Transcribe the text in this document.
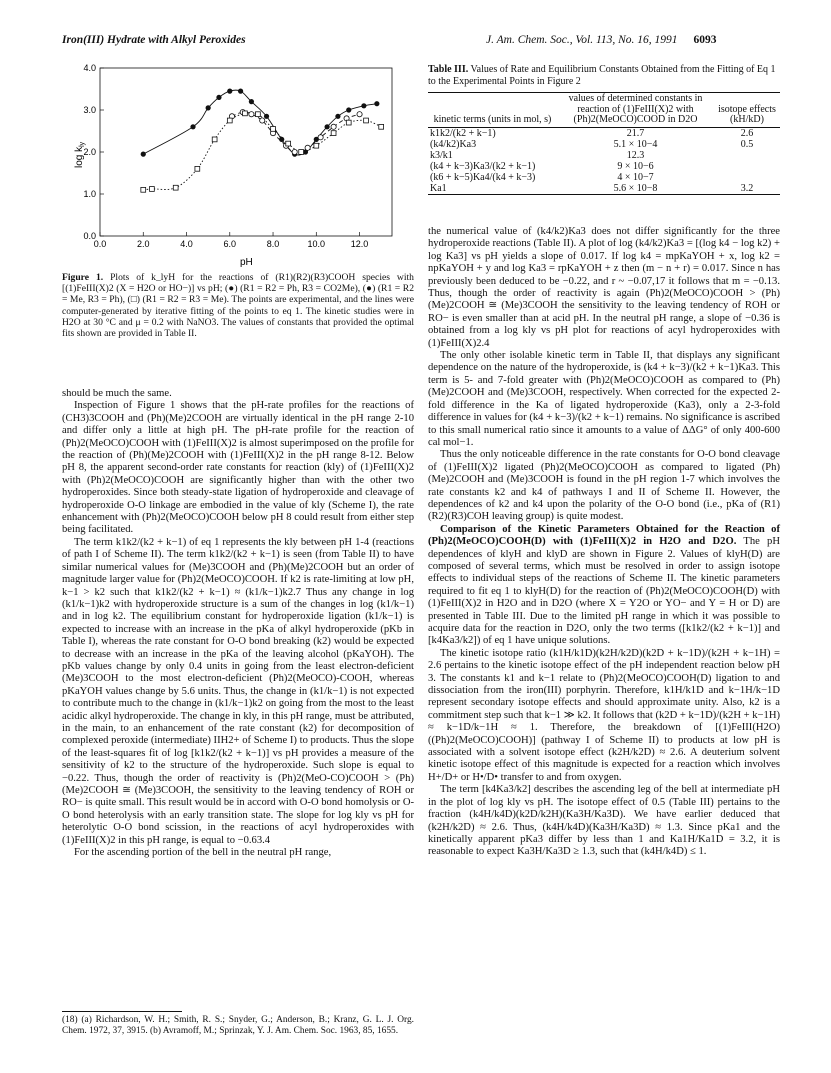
Iron(III) Hydrate with Alkyl Peroxides	J. Am. Chem. Soc., Vol. 113, No. 16, 1991 6093
0.0	2.0	4.0	6.0	8.0	10.0	12.0
0.0
1.0
2.0
3.0
4.0
$\log k_{ly}$
pH
Figure 1. Plots of k_lyH for the reactions of (R1)(R2)(R3)COOH species with [(1)FeIII(X)2 (X = H2O or HO−)] vs pH; (●) (R1 = R2 = Ph, R3 = CO2Me), (●) (R1 = R2 = Me, R3 = Ph), (□) (R1 = R2 = R3 = Me). The points are experimental, and the lines were computer-generated by iterative fitting of the points to eq 1. The kinetic studies were in H2O at 30 °C and μ = 0.2 with NaNO3. The values of constants that provided the optimal fits shown are provided in Table II.

should be much the same.

Inspection of Figure 1 shows that the pH-rate profiles for the reactions of (CH3)3COOH and (Ph)(Me)2COOH are virtually identical in the pH range 2-10 and differ only a little at high pH. The pH-rate profile for the reaction of (Ph)2(MeOCO)COOH with (1)FeIII(X)2 is almost superimposed on the profile for the reaction of (Ph)(Me)2COOH with (1)FeIII(X)2 in the pH range 8-12. Below pH 8, the apparent second-order rate constants for reaction (kly) of (1)FeIII(X)2 with (Ph)2(MeOCO)COOH are significantly higher than with the other two hydroperoxides. Since both steady-state ligation of hydroperoxide and cleavage of hydroperoxide O-O linkage are embodied in the value of kly (Scheme I), the rate enhancement with (Ph)2(MeOCO)COOH below pH 8 could result from either step being facilitated.

The term k1k2/(k2 + k−1) of eq 1 represents the kly between pH 1-4 (reactions of path I of Scheme II). The term k1k2/(k2 + k−1) is seen (from Table II) to have similar numerical values for (Me)3COOH and (Ph)(Me)2COOH but an order of magnitude larger value for (Ph)2(MeOCO)COOH. If k2 is rate-limiting at low pH, k−1 > k2 such that k1k2/(k2 + k−1) ≈ (k1/k−1)k2.7 Thus any change in log (k1/k−1)k2 with hydroperoxide structure is a sum of the changes in log (k1/k−1) and in log k2. The equilibrium constant for hydroperoxide ligation (k1/k−1) is expected to increase with an increase in the pKa of alkyl hydroperoxide (pKb in Table I), whereas the rate constant for O-O bond breaking (k2) would be expected to decrease with an increase in the pKa of the leaving alcohol (pKaYOH). The pKb values change by only 0.4 units in going from the least electron-deficient (Me)3COOH to the most electron-deficient (Ph)2(MeOCO)-COOH, whereas pKaYOH values change by 5.6 units. Thus, the change in (k1/k−1) is not expected to contribute much to the change in (k1/k−1)k2 on going from the most to the least acidic alkyl hydroperoxide. The change in kly, in this pH range, must be attributed, in the main, to an enhancement of the rate constant (k2) for decomposition of complexed peroxide (intermediate) IIH2+ of Scheme I) to products. Thus the slope of the least-squares fit of log [k1k2/(k2 + k−1)] vs pH provides a measure of the sensitivity of k2 to the structure of the hydroperoxide. Such slope is equal to −0.22. Thus, though the order of reactivity is (Ph)2(MeO-CO)COOH > (Ph)(Me)2COOH ≅ (Me)3COOH, the sensitivity to the leaving tendency of ROH or RO− is quite small. This result would be in accord with O-O bond homolysis or O-O bond heterolysis with an early transition state. The slope for log kly vs pH for heterolytic O-O bond scission, in the reactions of acyl hydroperoxides with (1)FeIII(X)2 in this pH range, is equal to −0.63.4

For the ascending portion of the bell in the neutral pH range,

(18) (a) Richardson, W. H.; Smith, R. S.; Snyder, G.; Anderson, B.; Kranz, G. L. J. Org. Chem. 1972, 37, 3915. (b) Avramoff, M.; Sprinzak, Y. J. Am. Chem. Soc. 1963, 85, 1655.
Table III. Values of Rate and Equilibrium Constants Obtained from the Fitting of Eq 1 to the Experimental Points in Figure 2
kinetic terms (units in mol, s)	values of determined constants in reaction of (1)FeIII(X)2 with (Ph)2(MeOCO)COOD in D2O	isotope effects (kH/kD)
k1k2/(k2 + k−1)	21.7	2.6
(k4/k2)Ka3	5.1 × 10−4	0.5
k3/k1	12.3	
(k4 + k−3)Ka3/(k2 + k−1)	9 × 10−6	
(k6 + k−5)Ka4/(k4 + k−3)	4 × 10−7	
Ka1	5.6 × 10−8	3.2

the numerical value of (k4/k2)Ka3 does not differ significantly for the three hydroperoxide reactions (Table II). A plot of log (k4/k2)Ka3 = [(log k4 − log k2) + log Ka3] vs pH yields a slope of 0.017. If log k4 = mpKaYOH + x, log k2 = npKaYOH + y and log Ka3 = rpKaYOH + z then (m − n + r) = 0.017. Since n has previously been deduced to be −0.22, and r ~ −0.07,17 it follows that m = −0.13. Thus, though the order of reactivity is again (Ph)2(MeOCO)COOH > (Ph)(Me)2COOH ≅ (Me)3COOH the sensitivity to the leaving tendency of ROH or RO− is even smaller than at acid pH. In the neutral pH range, a slope of −0.36 is obtained from a log kly vs pH plot for reactions of acyl hydroperoxides with (1)FeIII(X)2.4

The only other isolable kinetic term in Table II, that displays any significant dependence on the nature of the hydroperoxide, is (k4 + k−3)/(k2 + k−1)Ka3. This term is 5- and 7-fold greater with (Ph)2(MeOCO)COOH as compared to (Ph)(Me)2COOH and (Me)3COOH, respectively. When corrected for the expected 2-fold difference in the Ka of ligated hydroperoxide (Ka3), only a 2-3-fold difference in values for (k4 + k−3)/(k2 + k−1) remains. No significance is ascribed to this small numerical ratio since it amounts to a value of ΔΔG° of only 400-600 cal mol−1.

Thus the only noticeable difference in the rate constants for O-O bond cleavage of (1)FeIII(X)2 ligated (Ph)2(MeOCO)COOH as compared to ligated (Ph)(Me)2COOH and (Me)3COOH is found in the pH region 1-7 which involves the rate constants k2 and k4 of pathways I and II of Scheme II. However, the dependences of k2 and k4 upon the polarity of the O-O bond (i.e., pKa of (R1)(R2)(R3)COH leaving group) is quite modest.

Comparison of the Kinetic Parameters Obtained for the Reaction of (Ph)2(MeOCO)COOH(D) with (1)FeIII(X)2 in H2O and D2O. The pH dependences of klyH and klyD are shown in Figure 2. Values of klyH(D) are composed of several terms, which must be resolved in order to assign isotope effects to individual steps of the reactions of Scheme II. The kinetic parameters required to fit eq 1 to klyH(D) for the reaction of (Ph)2(MeOCO)COOH(D) with (1)FeIII(X)2 in H2O and in D2O (where X = Y2O or YO− and Y = H or D) are presented in Table III. Due to the limited pH range in which it was possible to acquire data for the reaction in D2O, only the two terms ([k1k2/(k2 + k−1)] and [k4Ka3/k2]) of eq 1 have unique solutions.

The kinetic isotope ratio (k1H/k1D)(k2H/k2D)(k2D + k−1D)/(k2H + k−1H) = 2.6 pertains to the kinetic isotope effect of the pH independent reaction below pH 3. The constants k1 and k−1 relate to (Ph)2(MeOCO)COOH(D) ligation to and dissociation from the iron(III) porphyrin. Therefore, k1H/k1D and k−1H/k−1D represent secondary isotope effects and should approximate unity. Also, k2 is a commitment step such that k−1 ≫ k2. It follows that (k2D + k−1D)/(k2H + k−1H) ≈ k−1D/k−1H ≈ 1. Therefore, the breakdown of [(1)FeIII(H2O)((Ph)2(MeOCO)COOH)] (pathway I of Scheme II) to products at low pH is associated with a solvent isotope effect (k2H/k2D) ≈ 2.6. A deuterium solvent kinetic isotope effect of this magnitude is expected for a reaction which involves H+/D+ or H•/D• transfer to and from oxygen.

The term [k4Ka3/k2] describes the ascending leg of the bell at intermediate pH in the plot of log kly vs pH. The isotope effect of 0.5 (Table III) pertains to the fraction (k4H/k4D)(k2D/k2H)(Ka3H/Ka3D). We have earlier deduced that (k2H/k2D) ≈ 2.6. Thus, (k4H/k4D)(Ka3H/Ka3D) ≈ 1.3. Since pKa1 and the kinetically apparent pKa3 differ by less than 1 and Ka1H/Ka1D = 3.2, it is reasonable to expect Ka3H/Ka3D ≥ 1.3, such that (k4H/k4D) ≤ 1.
